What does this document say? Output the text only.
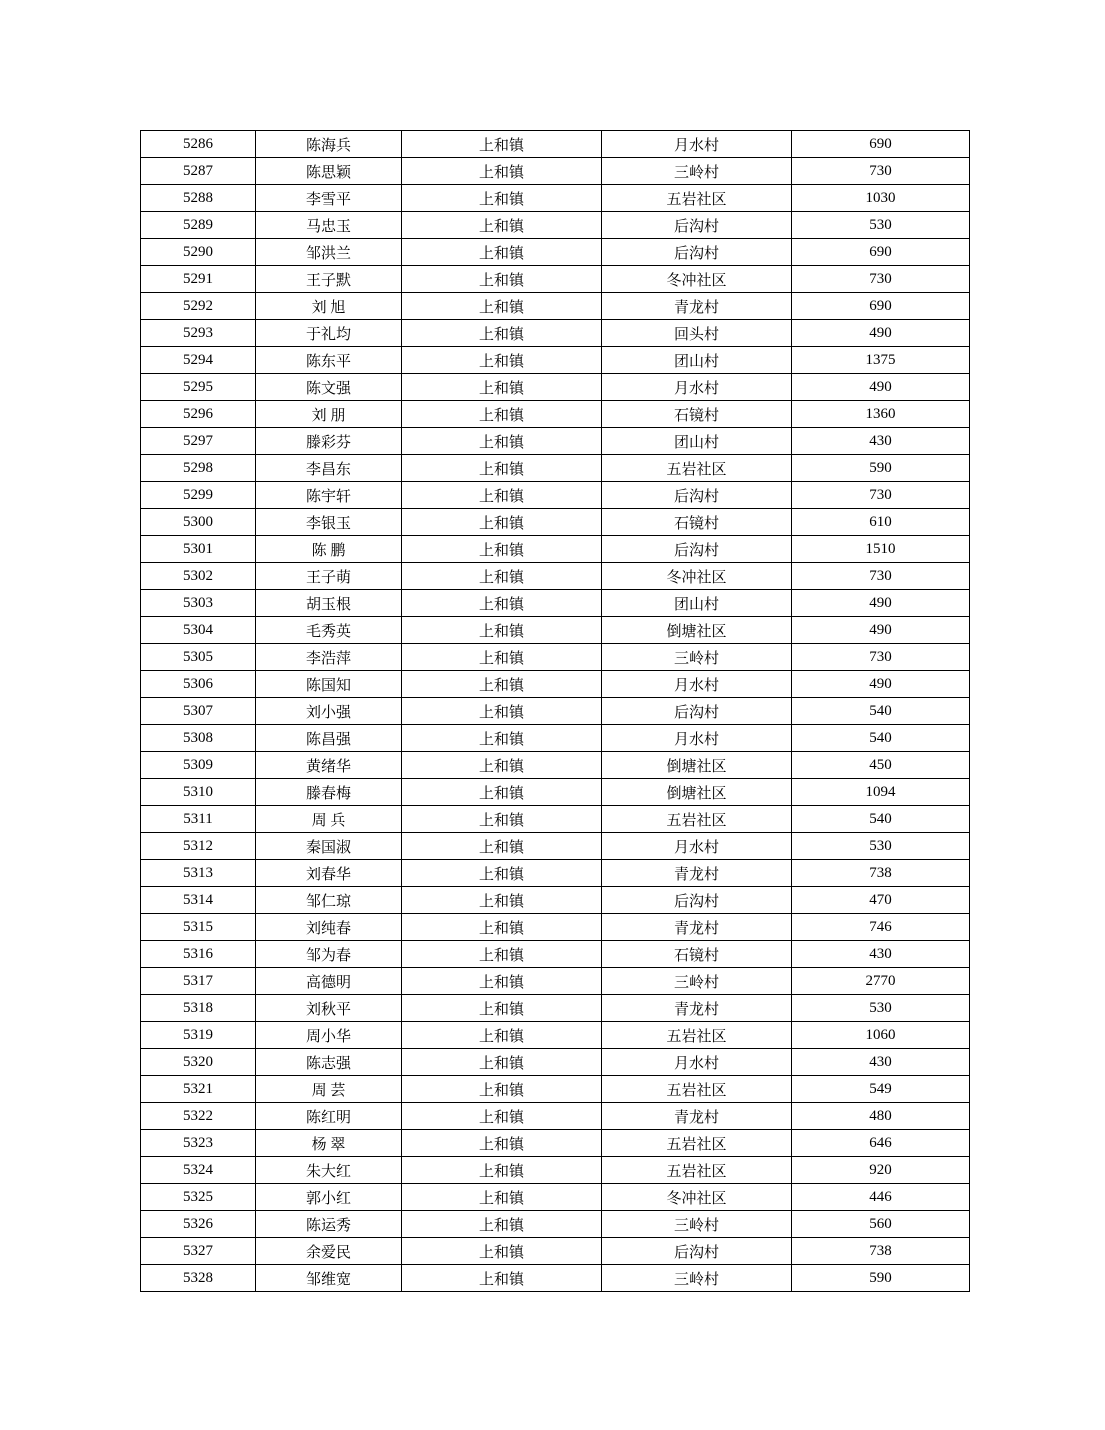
5286	陈海兵	上和镇	月水村	690
5287	陈思颖	上和镇	三岭村	730
5288	李雪平	上和镇	五岩社区	1030
5289	马忠玉	上和镇	后沟村	530
5290	邹洪兰	上和镇	后沟村	690
5291	王子默	上和镇	冬冲社区	730
5292	刘 旭	上和镇	青龙村	690
5293	于礼均	上和镇	回头村	490
5294	陈东平	上和镇	团山村	1375
5295	陈文强	上和镇	月水村	490
5296	刘 朋	上和镇	石镜村	1360
5297	滕彩芬	上和镇	团山村	430
5298	李昌东	上和镇	五岩社区	590
5299	陈宇轩	上和镇	后沟村	730
5300	李银玉	上和镇	石镜村	610
5301	陈 鹏	上和镇	后沟村	1510
5302	王子萌	上和镇	冬冲社区	730
5303	胡玉根	上和镇	团山村	490
5304	毛秀英	上和镇	倒塘社区	490
5305	李浩萍	上和镇	三岭村	730
5306	陈国知	上和镇	月水村	490
5307	刘小强	上和镇	后沟村	540
5308	陈昌强	上和镇	月水村	540
5309	黄绪华	上和镇	倒塘社区	450
5310	滕春梅	上和镇	倒塘社区	1094
5311	周 兵	上和镇	五岩社区	540
5312	秦国淑	上和镇	月水村	530
5313	刘春华	上和镇	青龙村	738
5314	邹仁琼	上和镇	后沟村	470
5315	刘纯春	上和镇	青龙村	746
5316	邹为春	上和镇	石镜村	430
5317	高德明	上和镇	三岭村	2770
5318	刘秋平	上和镇	青龙村	530
5319	周小华	上和镇	五岩社区	1060
5320	陈志强	上和镇	月水村	430
5321	周 芸	上和镇	五岩社区	549
5322	陈红明	上和镇	青龙村	480
5323	杨 翠	上和镇	五岩社区	646
5324	朱大红	上和镇	五岩社区	920
5325	郭小红	上和镇	冬冲社区	446
5326	陈运秀	上和镇	三岭村	560
5327	余爱民	上和镇	后沟村	738
5328	邹维宽	上和镇	三岭村	590
